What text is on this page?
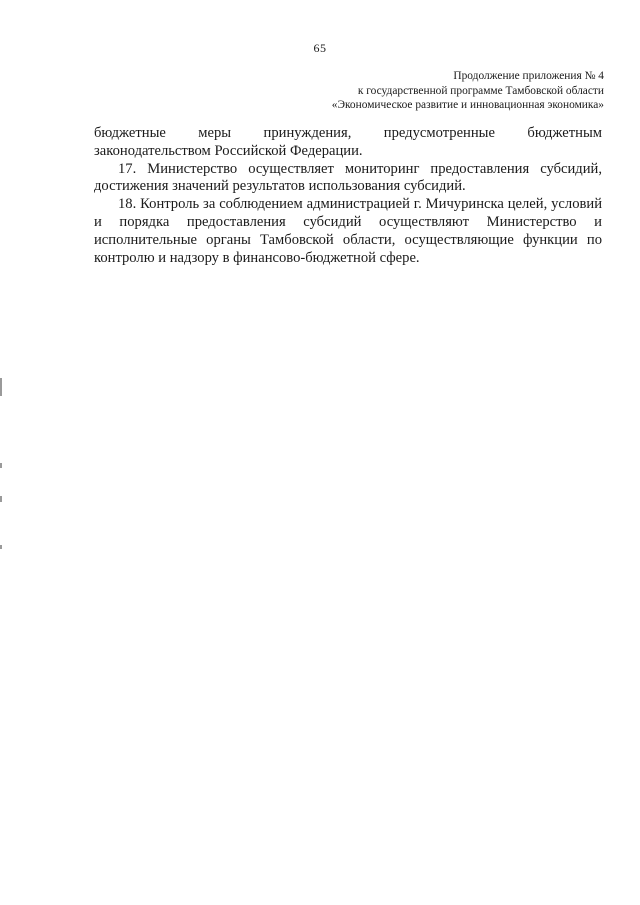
65
Продолжение приложения № 4
к государственной программе Тамбовской области
«Экономическое развитие и инновационная экономика»

бюджетные меры принуждения, предусмотренные бюджетным

законодательством Российской Федерации.

17. Министерство осуществляет мониторинг предоставления субсидий, достижения значений результатов использования субсидий.

18. Контроль за соблюдением администрацией г. Мичуринска целей, условий и порядка предоставления субсидий осуществляют Министерство и исполнительные органы Тамбовской области, осуществляющие функции по контролю и надзору в финансово-бюджетной сфере.
